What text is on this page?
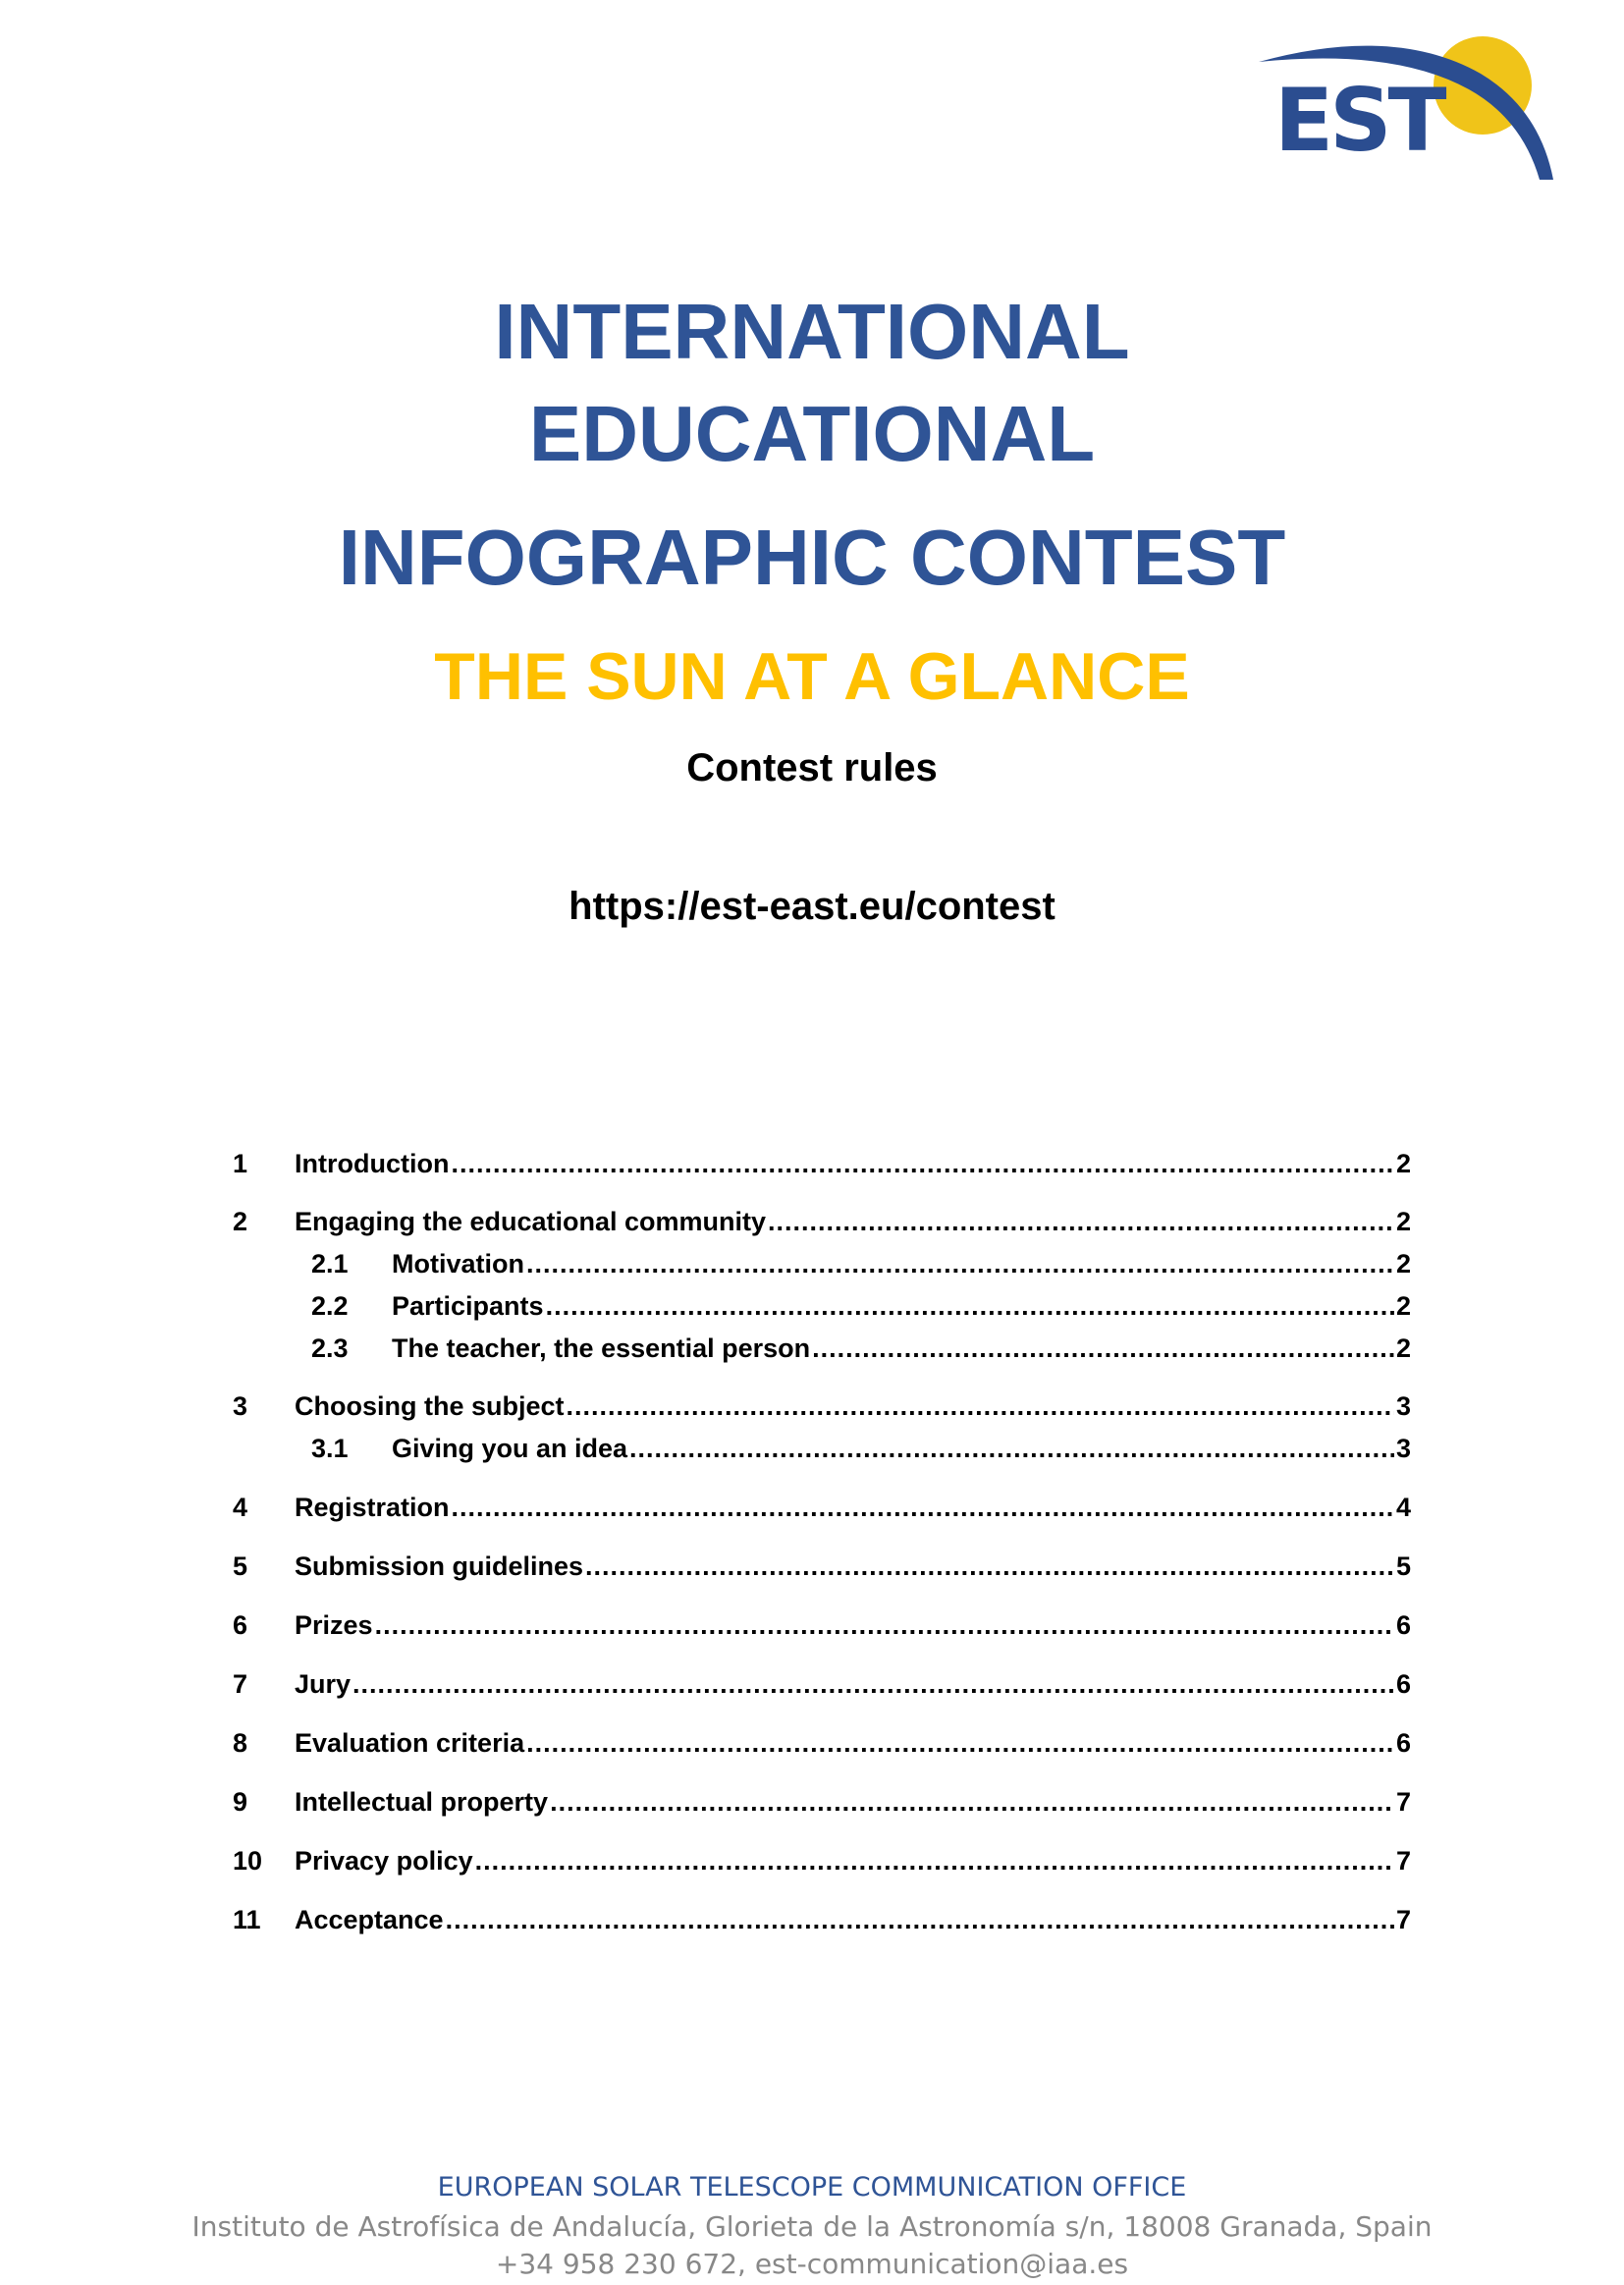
EST
INTERNATIONAL
EDUCATIONAL
INFOGRAPHIC CONTEST
THE SUN AT A GLANCE
Contest rules
https://est-east.eu/contest
1	Introduction .....	2
2	Engaging the educational community .....	2
2.1	Motivation .....	2
2.2	Participants .....	2
2.3	The teacher, the essential person .....	2
3	Choosing the subject .....	3
3.1	Giving you an idea .....	3
4	Registration .....	4
5	Submission guidelines .....	5
6	Prizes .....	6
7	Jury .....	6
8	Evaluation criteria .....	6
9	Intellectual property .....	7
10	Privacy policy .....	7
11	Acceptance .....	7
EUROPEAN SOLAR TELESCOPE COMMUNICATION OFFICE
Instituto de Astrofísica de Andalucía, Glorieta de la Astronomía s/n, 18008 Granada, Spain
+34 958 230 672, est-communication@iaa.es
